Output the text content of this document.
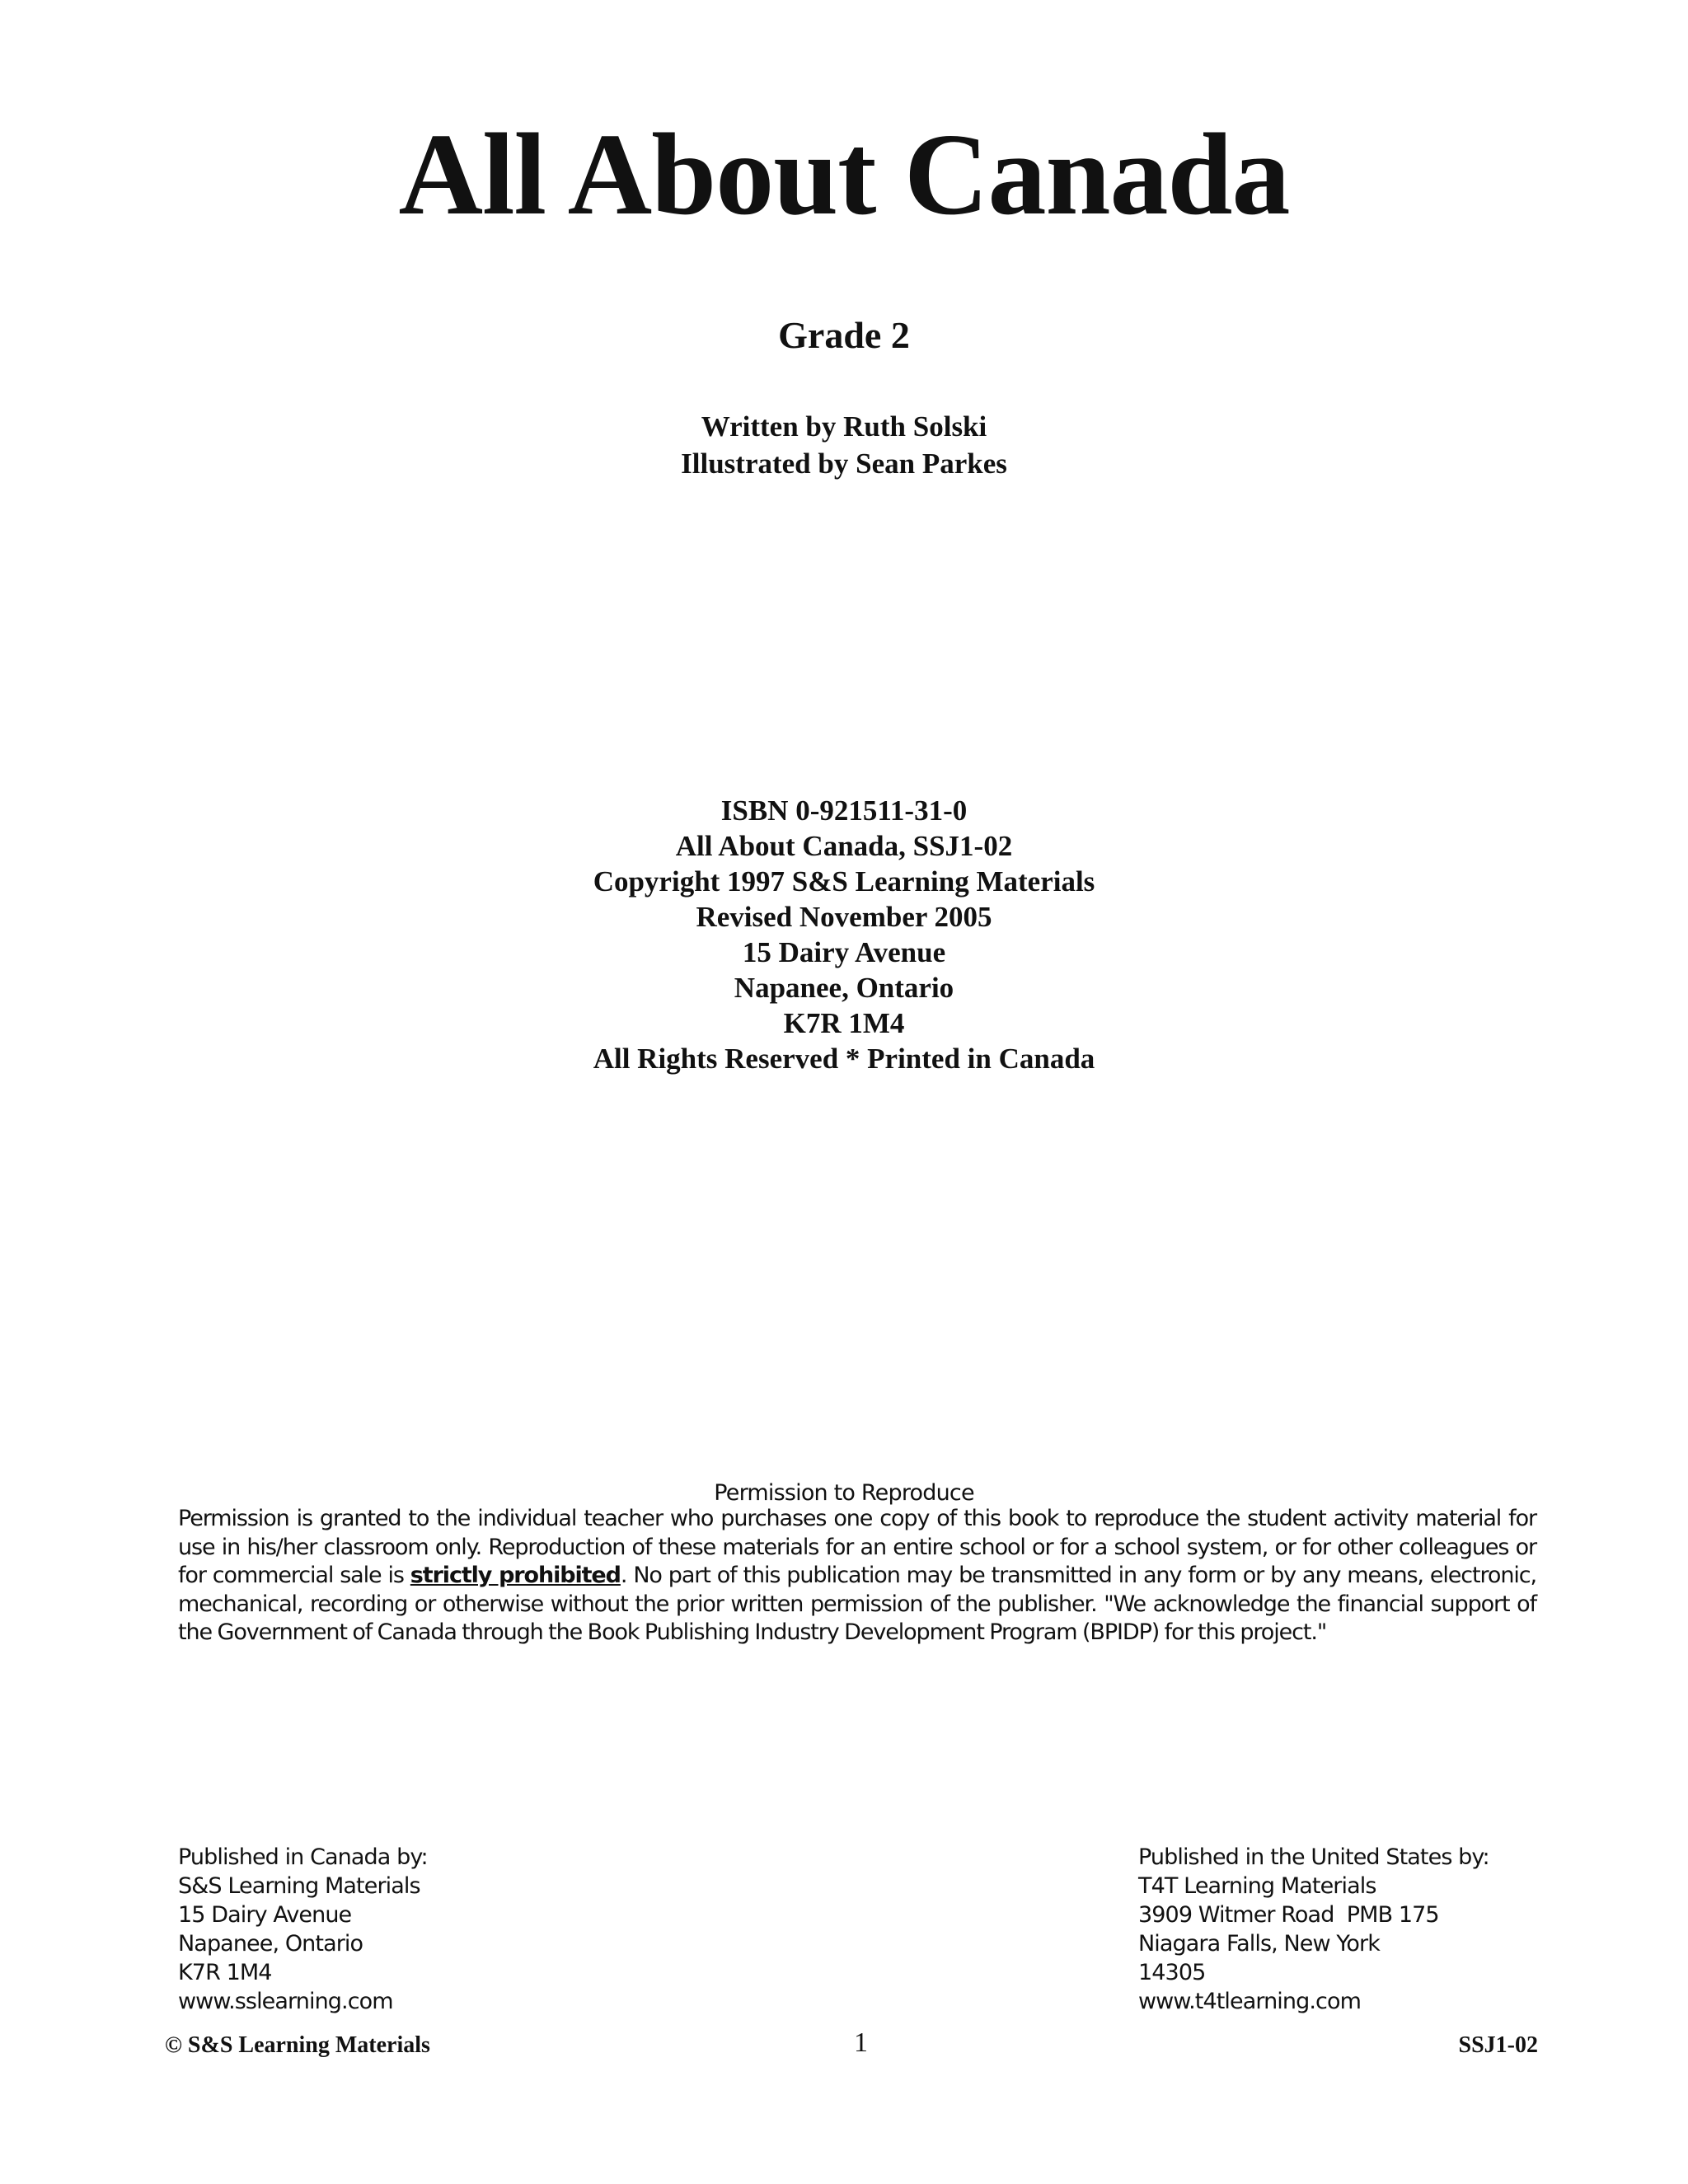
All About Canada
Grade 2
Written by Ruth Solski
Illustrated by Sean Parkes
ISBN 0-921511-31-0
All About Canada, SSJ1-02
Copyright 1997 S&S Learning Materials
Revised November 2005
15 Dairy Avenue
Napanee, Ontario
K7R 1M4
All Rights Reserved * Printed in Canada
Permission to Reproduce
Permission is granted to the individual teacher who purchases one copy of this book to reproduce the student activity material for use in his/her classroom only. Reproduction of these materials for an entire school or for a school system, or for other colleagues or for commercial sale is strictly prohibited. No part of this publication may be transmitted in any form or by any means, electronic, mechanical, recording or otherwise without the prior written permission of the publisher. "We acknowledge the financial support of the Government of Canada through the Book Publishing Industry Development Program (BPIDP) for this project."
Published in Canada by:
S&S Learning Materials
15 Dairy Avenue
Napanee, Ontario
K7R 1M4
www.sslearning.com
Published in the United States by:
T4T Learning Materials
3909 Witmer Road  PMB 175
Niagara Falls, New York
14305
www.t4tlearning.com
© S&S Learning Materials	1	SSJ1-02
